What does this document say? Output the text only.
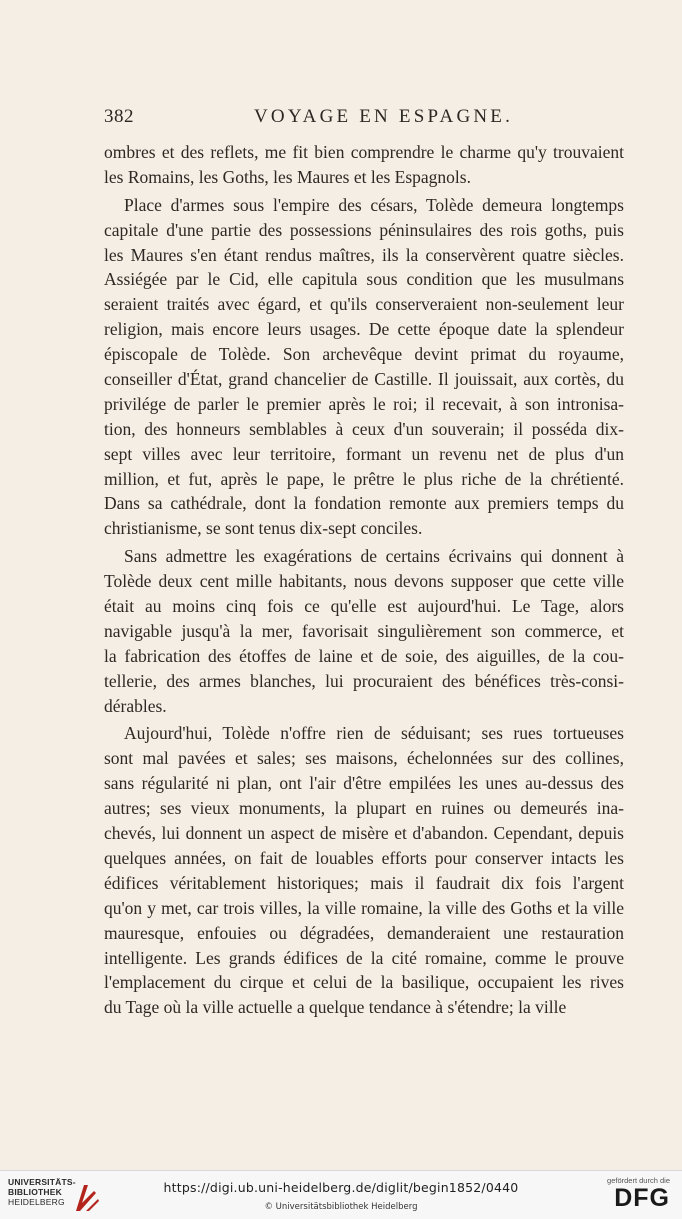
382	VOYAGE EN ESPAGNE.
ombres et des reflets, me fit bien comprendre le charme qu'y trouvaient
les Romains, les Goths, les Maures et les Espagnols.
Place d'armes sous l'empire des césars, Tolède demeura longtemps
capitale d'une partie des possessions péninsulaires des rois goths, puis
les Maures s'en étant rendus maîtres, ils la conservèrent quatre siècles.
Assiégée par le Cid, elle capitula sous condition que les musulmans
seraient traités avec égard, et qu'ils conserveraient non-seulement leur
religion, mais encore leurs usages. De cette époque date la splendeur
épiscopale de Tolède. Son archevêque devint primat du royaume,
conseiller d'État, grand chancelier de Castille. Il jouissait, aux cortès, du
privilége de parler le premier après le roi; il recevait, à son intronisa-
tion, des honneurs semblables à ceux d'un souverain; il posséda dix-
sept villes avec leur territoire, formant un revenu net de plus d'un
million, et fut, après le pape, le prêtre le plus riche de la chrétienté.
Dans sa cathédrale, dont la fondation remonte aux premiers temps du
christianisme, se sont tenus dix-sept conciles.
Sans admettre les exagérations de certains écrivains qui donnent à
Tolède deux cent mille habitants, nous devons supposer que cette ville
était au moins cinq fois ce qu'elle est aujourd'hui. Le Tage, alors
navigable jusqu'à la mer, favorisait singulièrement son commerce, et
la fabrication des étoffes de laine et de soie, des aiguilles, de la cou-
tellerie, des armes blanches, lui procuraient des bénéfices très-consi-
dérables.
Aujourd'hui, Tolède n'offre rien de séduisant; ses rues tortueuses
sont mal pavées et sales; ses maisons, échelonnées sur des collines,
sans régularité ni plan, ont l'air d'être empilées les unes au-dessus des
autres; ses vieux monuments, la plupart en ruines ou demeurés ina-
chevés, lui donnent un aspect de misère et d'abandon. Cependant, depuis
quelques années, on fait de louables efforts pour conserver intacts les
édifices véritablement historiques; mais il faudrait dix fois l'argent
qu'on y met, car trois villes, la ville romaine, la ville des Goths et la ville
mauresque, enfouies ou dégradées, demanderaient une restauration
intelligente. Les grands édifices de la cité romaine, comme le prouve
l'emplacement du cirque et celui de la basilique, occupaient les rives
du Tage où la ville actuelle a quelque tendance à s'étendre; la ville
UNIVERSITÄTS-
BIBLIOTHEK
HEIDELBERG
https://digi.ub.uni-heidelberg.de/diglit/begin1852/0440
© Universitätsbibliothek Heidelberg
gefördert durch die
DFG
